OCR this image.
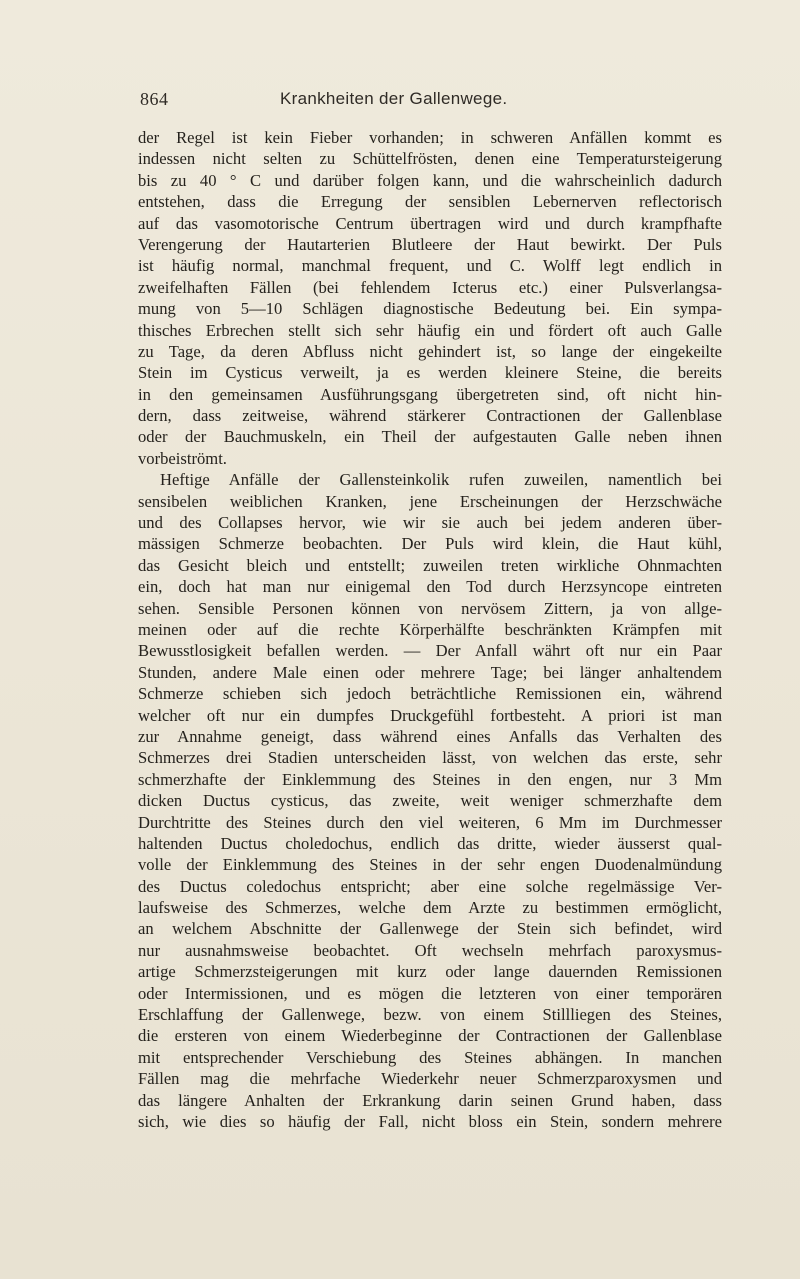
864	Krankheiten der Gallenwege.
der Regel ist kein Fieber vorhanden; in schweren Anfällen kommt es
indessen nicht selten zu Schüttelfrösten, denen eine Temperatursteigerung
bis zu 40 ° C und darüber folgen kann, und die wahrscheinlich dadurch
entstehen, dass die Erregung der sensiblen Lebernerven reflectorisch
auf das vasomotorische Centrum übertragen wird und durch krampfhafte
Verengerung der Hautarterien Blutleere der Haut bewirkt. Der Puls
ist häufig normal, manchmal frequent, und C. Wolff legt endlich in
zweifelhaften Fällen (bei fehlendem Icterus etc.) einer Pulsverlangsa-
mung von 5—10 Schlägen diagnostische Bedeutung bei. Ein sympa-
thisches Erbrechen stellt sich sehr häufig ein und fördert oft auch Galle
zu Tage, da deren Abfluss nicht gehindert ist, so lange der eingekeilte
Stein im Cysticus verweilt, ja es werden kleinere Steine, die bereits
in den gemeinsamen Ausführungsgang übergetreten sind, oft nicht hin-
dern, dass zeitweise, während stärkerer Contractionen der Gallenblase
oder der Bauchmuskeln, ein Theil der aufgestauten Galle neben ihnen
vorbeiströmt.
Heftige Anfälle der Gallensteinkolik rufen zuweilen, namentlich bei
sensibelen weiblichen Kranken, jene Erscheinungen der Herzschwäche
und des Collapses hervor, wie wir sie auch bei jedem anderen über-
mässigen Schmerze beobachten. Der Puls wird klein, die Haut kühl,
das Gesicht bleich und entstellt; zuweilen treten wirkliche Ohnmachten
ein, doch hat man nur einigemal den Tod durch Herzsyncope eintreten
sehen. Sensible Personen können von nervösem Zittern, ja von allge-
meinen oder auf die rechte Körperhälfte beschränkten Krämpfen mit
Bewusstlosigkeit befallen werden. — Der Anfall währt oft nur ein Paar
Stunden, andere Male einen oder mehrere Tage; bei länger anhaltendem
Schmerze schieben sich jedoch beträchtliche Remissionen ein, während
welcher oft nur ein dumpfes Druckgefühl fortbesteht. A priori ist man
zur Annahme geneigt, dass während eines Anfalls das Verhalten des
Schmerzes drei Stadien unterscheiden lässt, von welchen das erste, sehr
schmerzhafte der Einklemmung des Steines in den engen, nur 3 Mm
dicken Ductus cysticus, das zweite, weit weniger schmerzhafte dem
Durchtritte des Steines durch den viel weiteren, 6 Mm im Durchmesser
haltenden Ductus choledochus, endlich das dritte, wieder äusserst qual-
volle der Einklemmung des Steines in der sehr engen Duodenalmündung
des Ductus coledochus entspricht; aber eine solche regelmässige Ver-
laufsweise des Schmerzes, welche dem Arzte zu bestimmen ermöglicht,
an welchem Abschnitte der Gallenwege der Stein sich befindet, wird
nur ausnahmsweise beobachtet. Oft wechseln mehrfach paroxysmus-
artige Schmerzsteigerungen mit kurz oder lange dauernden Remissionen
oder Intermissionen, und es mögen die letzteren von einer temporären
Erschlaffung der Gallenwege, bezw. von einem Stillliegen des Steines,
die ersteren von einem Wiederbeginne der Contractionen der Gallenblase
mit entsprechender Verschiebung des Steines abhängen. In manchen
Fällen mag die mehrfache Wiederkehr neuer Schmerzparoxysmen und
das längere Anhalten der Erkrankung darin seinen Grund haben, dass
sich, wie dies so häufig der Fall, nicht bloss ein Stein, sondern mehrere
